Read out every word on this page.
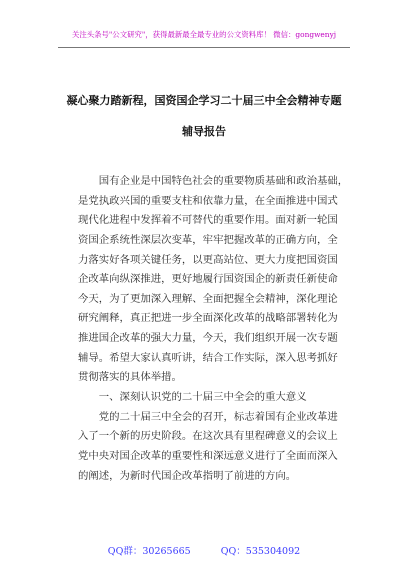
关注头条号"公文研究"，获得最新最全最专业的公文资料库！ 微信：gongwenyj
凝心聚力踏新程，国资国企学习二十届三中全会精神专题
辅导报告
　　国有企业是中国特色社会的重要物质基础和政治基础，
是党执政兴国的重要支柱和依靠力量，在全面推进中国式
现代化进程中发挥着不可替代的重要作用。面对新一轮国
资国企系统性深层次变革，牢牢把握改革的正确方向，全
力落实好各项关键任务，以更高站位、更大力度把国资国
企改革向纵深推进，更好地履行国资国企的新责任新使命
今天，为了更加深入理解、全面把握全会精神，深化理论
研究阐释，真正把进一步全面深化改革的战略部署转化为
推进国企改革的强大力量，今天，我们组织开展一次专题
辅导。希望大家认真听讲，结合工作实际，深入思考抓好
贯彻落实的具体举措。
　　一、深刻认识党的二十届三中全会的重大意义
　　党的二十届三中全会的召开，标志着国有企业改革进
入了一个新的历史阶段。在这次具有里程碑意义的会议上
党中央对国企改革的重要性和深远意义进行了全面而深入
的阐述，为新时代国企改革指明了前进的方向。
QQ群：30265665	QQ：535304092
